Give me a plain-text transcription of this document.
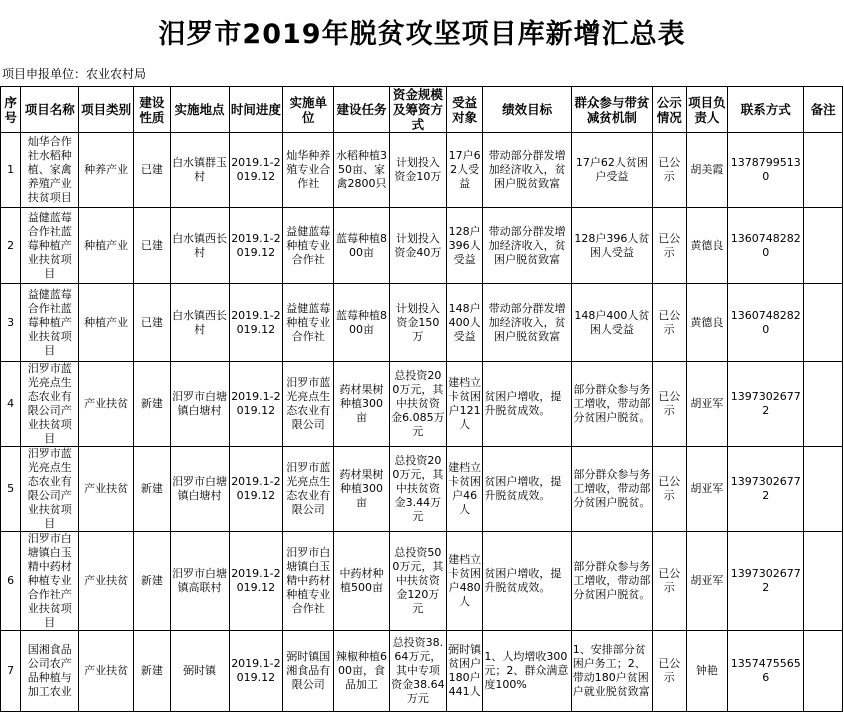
汨罗市2019年脱贫攻坚项目库新增汇总表
项目申报单位：农业农村局
序号	项目名称	项目类别	建设性质	实施地点	时间进度	实施单位	建设任务	资金规模及筹资方式	受益对象	绩效目标	群众参与带贫减贫机制	公示情况	项目负责人	联系方式	备注
1	灿华合作社水稻种植、家禽养殖产业扶贫项目	种养产业	已建	白水镇群玉村	2019.1-2019.12	灿华种养殖专业合作社	水稻种植350亩、家禽2800只	计划投入资金10万	17户62人受益	带动部分群发增加经济收入，贫困户脱贫致富	17户62人贫困户受益	已公示	胡美霞	13787995130	
2	益健蓝莓合作社蓝莓种植产业扶贫项目	种植产业	已建	白水镇西长村	2019.1-2019.12	益健蓝莓种植专业合作社	蓝莓种植800亩	计划投入资金40万	128户396人受益	带动部分群发增加经济收入，贫困户脱贫致富	128户396人贫困人受益	已公示	黄德良	13607482820	
3	益健蓝莓合作社蓝莓种植产业扶贫项目	种植产业	已建	白水镇西长村	2019.1-2019.12	益健蓝莓种植专业合作社	蓝莓种植800亩	计划投入资金150万	148户400人受益	带动部分群发增加经济收入，贫困户脱贫致富	148户400人贫困人受益	已公示	黄德良	13607482820	
4	汨罗市蓝光亮点生态农业有限公司产业扶贫项目	产业扶贫	新建	汨罗市白塘镇白塘村	2019.1-2019.12	汨罗市蓝光亮点生态农业有限公司	药材果树种植300亩	总投资200万元，其中扶贫资金6.085万元	建档立卡贫困户121人	贫困户增收，提升脱贫成效。	部分群众参与务工增收，带动部分贫困户脱贫。	已公示	胡亚军	13973026772	
5	汨罗市蓝光亮点生态农业有限公司产业扶贫项目	产业扶贫	新建	汨罗市白塘镇白塘村	2019.1-2019.12	汨罗市蓝光亮点生态农业有限公司	药材果树种植300亩	总投资200万元，其中扶贫资金3.44万元	建档立卡贫困户46人	贫困户增收，提升脱贫成效。	部分群众参与务工增收，带动部分贫困户脱贫。	已公示	胡亚军	13973026772	
6	汨罗市白塘镇白玉精中药材种植专业合作社产业扶贫项目	产业扶贫	新建	汨罗市白塘镇高联村	2019.1-2019.12	汨罗市白塘镇白玉精中药材种植专业合作社	中药材种植500亩	总投资500万元，其中扶贫资金120万元	建档立卡贫困户480人	贫困户增收，提升脱贫成效。	部分群众参与务工增收，带动部分贫困户脱贫。	已公示	胡亚军	13973026772	
7	国湘食品公司农产品种植与加工农业	产业扶贫	新建	弼时镇	2019.1-2019.12	弼时镇国湘食品有限公司	辣椒种植600亩，食品加工	总投资38.64万元，其中专项资金38.64万元	弼时镇贫困户180户441人	1、人均增收300元；2、群众满意度100%	1、安排部分贫困户务工；2、带动180户贫困户就业脱贫致富	已公示	钟艳	13574755656	
